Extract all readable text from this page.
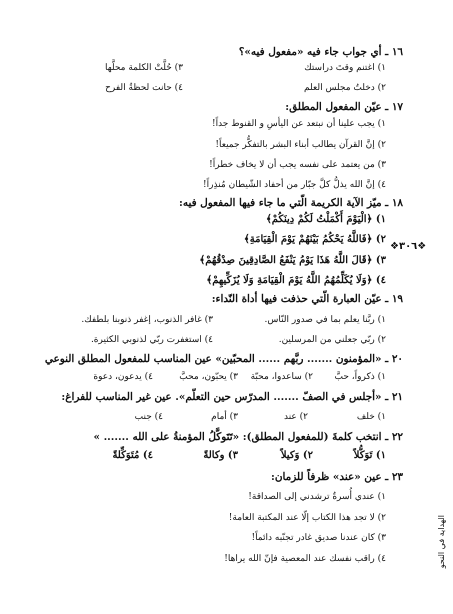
١٦ ـ أي جواب جاء فيه «مفعول فيه»؟
١) اغتنم وقتَ دراستك
٣) حُلَّتْ الكلمة محلَّها
٢) دخلتُ مجلس العلم
٤) حانت لحظةُ الفرح
١٧ ـ عيّن المفعول المطلق:
١) يجب علينا أن نبتعد عن اليأسِ و القنوط جداً!
٢) إنَّ القرآن يطالب أبناء البشر بالتفكُّر جميعاً!
٣) من يعتمد على نفسه يجب أن لا يخاف خطراً!
٤) إنَّ الله يذلُّ كلَّ جبّار من أحفاد الشّيطان مُنذِراً!
١٨ ـ ميّز الآية الكريمة الّتي ما جاء فيها المفعول فيه:
١) ﴿الْيَوْمَ أَكْمَلْتُ لَكُمْ دِينَكُمْ﴾
٢) ﴿فَاللَّهُ يَحْكُمُ بَيْنَهُمْ يَوْمَ الْقِيَامَةِ﴾
٣) ﴿قَالَ اللَّهُ هَذَا يَوْمُ يَنْفَعُ الصَّادِقِينَ صِدْقُهُمْ﴾
٤) ﴿وَلَا يُكَلِّمُهُمُ اللَّهُ يَوْمَ الْقِيَامَةِ وَلَا يُزَكِّيهِمْ﴾
١٩ ـ عيّن العبارة الّتي حذفت فيها أداة النّداء:
١) ربَّنا يعلم بما في صدور النّاس.
٣) غافر الذنوب، إغفر ذنوبنا بلطفك.
٢) ربّي جعلني من المرسلين.
٤) استغفرت ربّي لذنوبي الكثيرة.
٢٠ ـ «المؤمنون ....... ربَّهم ...... المحبّين» عين المناسب للمفعول المطلق النوعي
١) ذكرواً، حبَّ
٢) ساعدوا، محبّة
٣) يحبّون، محبَّ
٤) يدعون، دعوة
٢١ ـ «أجلس في الصفّ ....... المدرّس حين التعلّم». عين غير المناسب للفراغ:
١) خلف
٢) عند
٣) أمام
٤) جنب
٢٢ ـ انتخب كلمةَ (للمفعول المطلق): «تَتَوكَّلُ المؤمنةُ على الله ....... »
١) تَوَكُّلاً
٢) وَكيلاً
٣) وكالةً
٤) مُتَوَكِّلةً
٢٣ ـ عين «عند» ظرفاً للزمان:
١) عندي أُسرةٌ ترشدني إلى الصداقة!
٢) لا تجد هذا الكتاب إلّا عند المكتبة العامة!
٣) كان عندنا صديق غادر تجنّبه دائماً!
٤) راقب نفسك عند المعصية فإنّ الله يراها!
❖٣٠٦❖
الهداية في النحو
